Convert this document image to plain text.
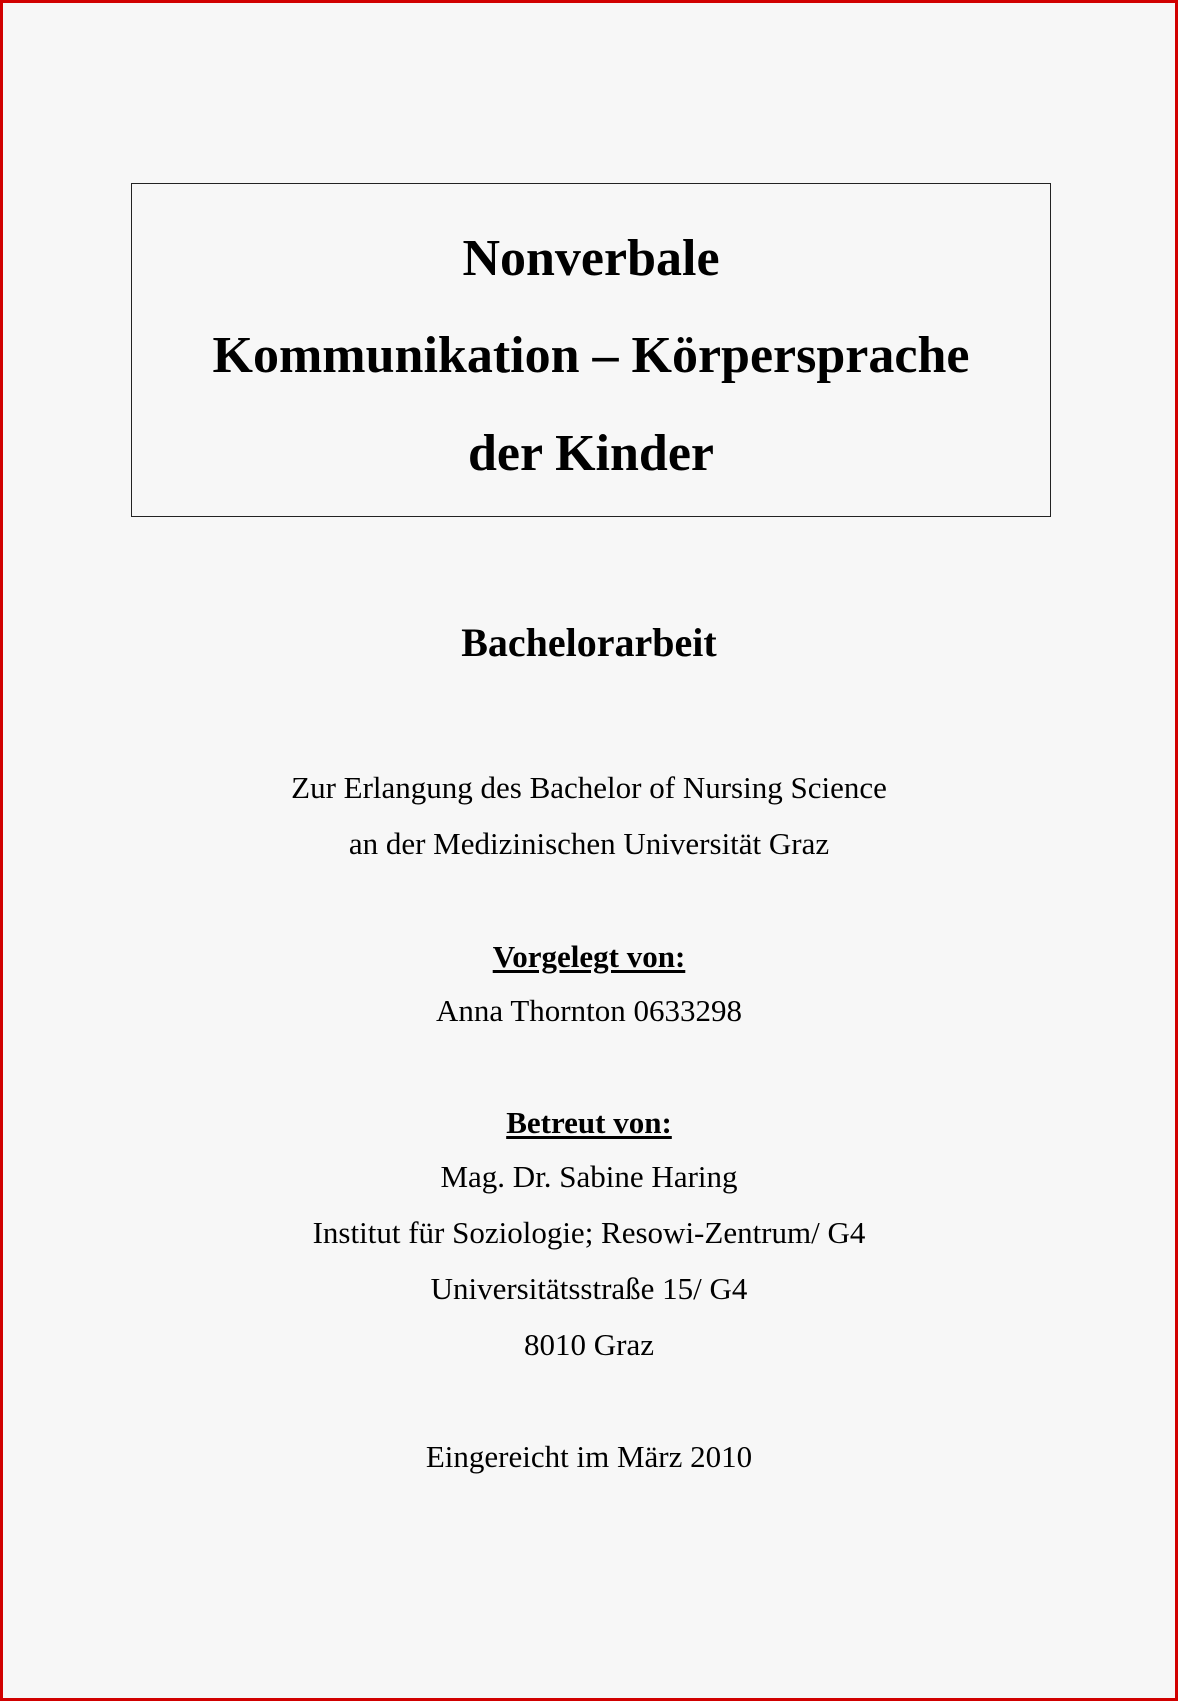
Nonverbale
Kommunikation – Körpersprache
der Kinder
Bachelorarbeit
Zur Erlangung des Bachelor of Nursing Science
an der Medizinischen Universität Graz
Vorgelegt von:
Anna Thornton 0633298
Betreut von:
Mag. Dr. Sabine Haring
Institut für Soziologie; Resowi-Zentrum/ G4
Universitätsstraße 15/ G4
8010 Graz
Eingereicht im März 2010
